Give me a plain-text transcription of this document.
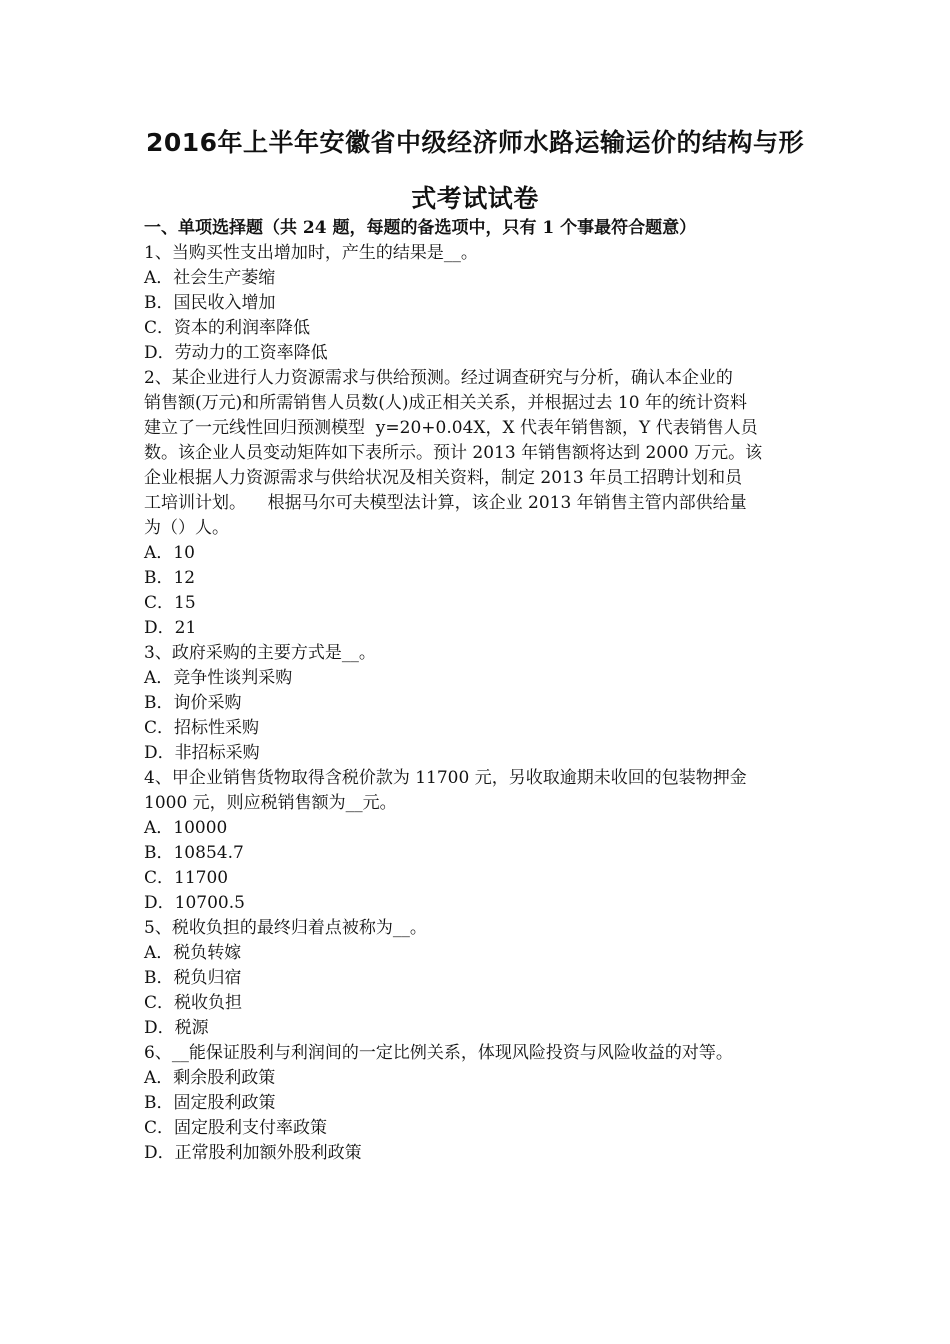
2016年上半年安徽省中级经济师水路运输运价的结构与形
式考试试卷
一、单项选择题（共 24 题，每题的备选项中，只有 1 个事最符合题意）
1、当购买性支出增加时，产生的结果是__。
A．社会生产萎缩
B．国民收入增加
C．资本的利润率降低
D．劳动力的工资率降低
2、某企业进行人力资源需求与供给预测。经过调查研究与分析，确认本企业的
销售额(万元)和所需销售人员数(人)成正相关关系，并根据过去 10 年的统计资料
建立了一元线性回归预测模型  y=20+0.04X，X 代表年销售额，Y 代表销售人员
数。该企业人员变动矩阵如下表所示。预计 2013 年销售额将达到 2000 万元。该
企业根据人力资源需求与供给状况及相关资料，制定 2013 年员工招聘计划和员
工培训计划。    根据马尔可夫模型法计算，该企业 2013 年销售主管内部供给量
为（）人。
A．10
B．12
C．15
D．21
3、政府采购的主要方式是__。
A．竞争性谈判采购
B．询价采购
C．招标性采购
D．非招标采购
4、甲企业销售货物取得含税价款为 11700 元，另收取逾期未收回的包装物押金
1000 元，则应税销售额为__元。
A．10000
B．10854.7
C．11700
D．10700.5
5、税收负担的最终归着点被称为__。
A．税负转嫁
B．税负归宿
C．税收负担
D．税源
6、__能保证股利与利润间的一定比例关系，体现风险投资与风险收益的对等。
A．剩余股利政策
B．固定股利政策
C．固定股利支付率政策
D．正常股利加额外股利政策
